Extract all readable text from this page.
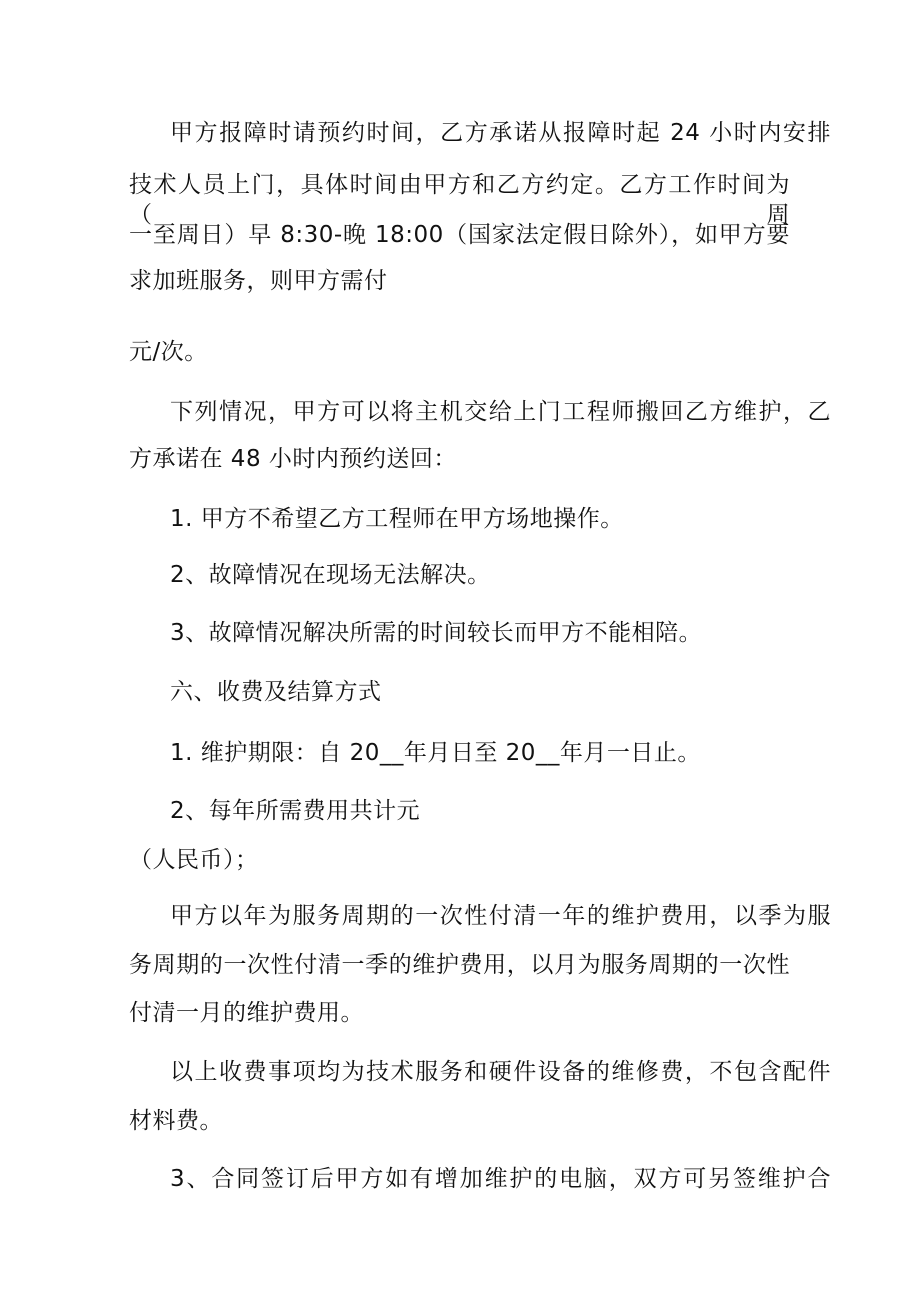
甲方报障时请预约时间，乙方承诺从报障时起 24 小时内安排

技术人员上门，具体时间由甲方和乙方约定。乙方工作时间为（周

一至周日）早 8:30-晚 18:00（国家法定假日除外），如甲方要

求加班服务，则甲方需付

元/次。

下列情况，甲方可以将主机交给上门工程师搬回乙方维护，乙

方承诺在 48 小时内预约送回：

1. 甲方不希望乙方工程师在甲方场地操作。

2、故障情况在现场无法解决。

3、故障情况解决所需的时间较长而甲方不能相陪。

六、收费及结算方式

1. 维护期限：自 20__年月日至 20__年月一日止。

2、每年所需费用共计元

（人民币）；

甲方以年为服务周期的一次性付清一年的维护费用，以季为服

务周期的一次性付清一季的维护费用，以月为服务周期的一次性

付清一月的维护费用。

以上收费事项均为技术服务和硬件设备的维修费，不包含配件

材料费。

3、合同签订后甲方如有增加维护的电脑，双方可另签维护合
